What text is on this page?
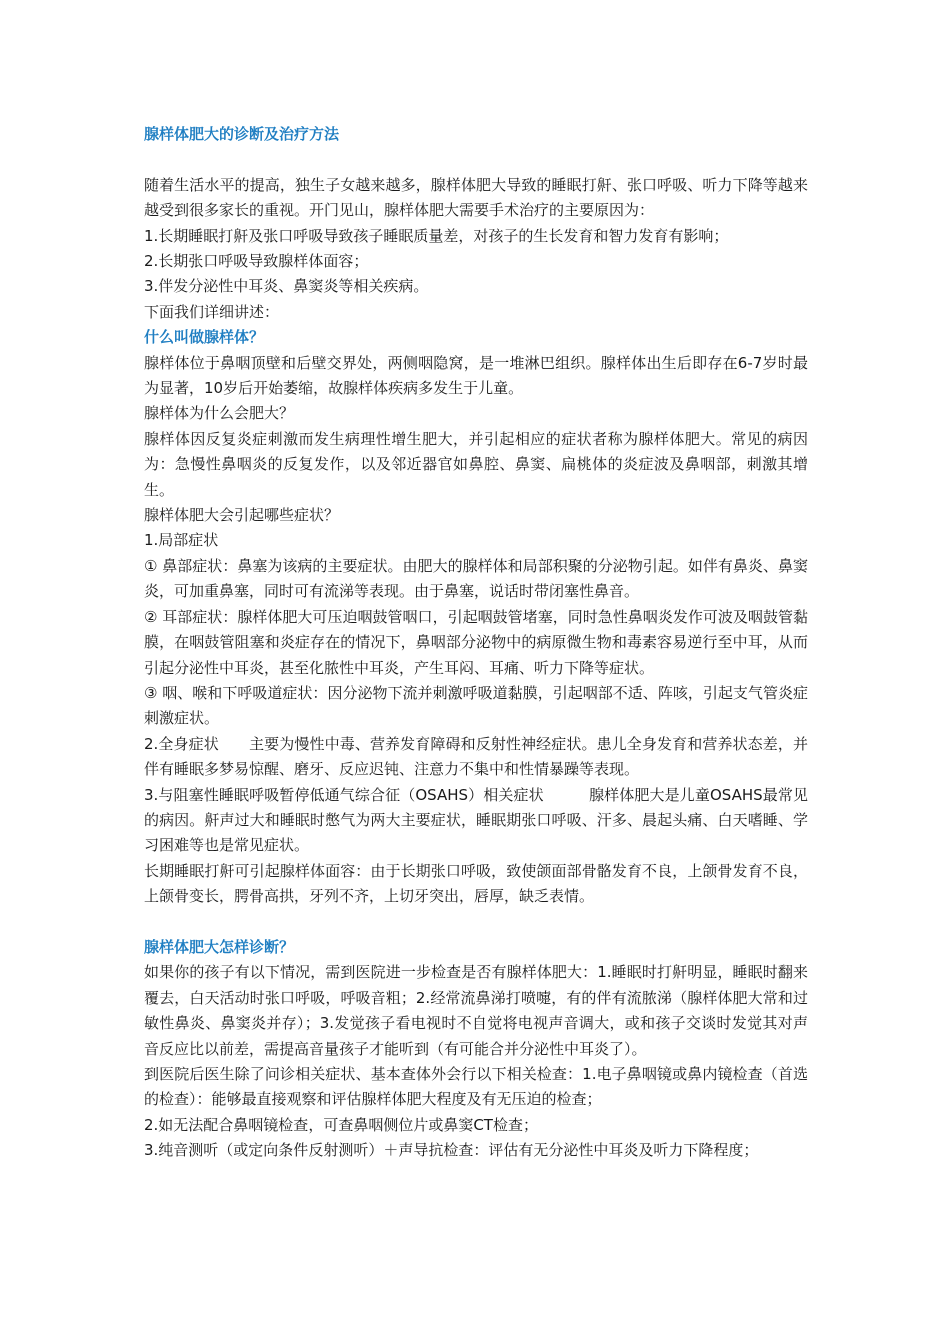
腺样体肥大的诊断及治疗方法

随着生活水平的提高，独生子女越来越多，腺样体肥大导致的睡眠打鼾、张口呼吸、听力下降等越来越受到很多家长的重视。开门见山，腺样体肥大需要手术治疗的主要原因为：

1.长期睡眠打鼾及张口呼吸导致孩子睡眠质量差，对孩子的生长发育和智力发育有影响；

2.长期张口呼吸导致腺样体面容；

3.伴发分泌性中耳炎、鼻窦炎等相关疾病。

下面我们详细讲述：

什么叫做腺样体？

腺样体位于鼻咽顶壁和后壁交界处，两侧咽隐窝，是一堆淋巴组织。腺样体出生后即存在6-7岁时最为显著，10岁后开始萎缩，故腺样体疾病多发生于儿童。

腺样体为什么会肥大？

腺样体因反复炎症刺激而发生病理性增生肥大，并引起相应的症状者称为腺样体肥大。常见的病因为：急慢性鼻咽炎的反复发作，以及邻近器官如鼻腔、鼻窦、扁桃体的炎症波及鼻咽部，刺激其增生。

腺样体肥大会引起哪些症状？

1.局部症状

① 鼻部症状：鼻塞为该病的主要症状。由肥大的腺样体和局部积聚的分泌物引起。如伴有鼻炎、鼻窦炎，可加重鼻塞，同时可有流涕等表现。由于鼻塞，说话时带闭塞性鼻音。

② 耳部症状：腺样体肥大可压迫咽鼓管咽口，引起咽鼓管堵塞，同时急性鼻咽炎发作可波及咽鼓管黏膜，在咽鼓管阻塞和炎症存在的情况下，鼻咽部分泌物中的病原微生物和毒素容易逆行至中耳，从而引起分泌性中耳炎，甚至化脓性中耳炎，产生耳闷、耳痛、听力下降等症状。

③ 咽、喉和下呼吸道症状：因分泌物下流并刺激呼吸道黏膜，引起咽部不适、阵咳，引起支气管炎症刺激症状。

2.全身症状　　主要为慢性中毒、营养发育障碍和反射性神经症状。患儿全身发育和营养状态差，并伴有睡眠多梦易惊醒、磨牙、反应迟钝、注意力不集中和性情暴躁等表现。

3.与阻塞性睡眠呼吸暂停低通气综合征（OSAHS）相关症状　　　腺样体肥大是儿童OSAHS最常见的病因。鼾声过大和睡眠时憋气为两大主要症状，睡眠期张口呼吸、汗多、晨起头痛、白天嗜睡、学习困难等也是常见症状。

长期睡眠打鼾可引起腺样体面容：由于长期张口呼吸，致使颌面部骨骼发育不良，上颌骨发育不良，上颌骨变长，腭骨高拱，牙列不齐，上切牙突出，唇厚，缺乏表情。

腺样体肥大怎样诊断？

如果你的孩子有以下情况，需到医院进一步检查是否有腺样体肥大：1.睡眠时打鼾明显，睡眠时翻来覆去，白天活动时张口呼吸，呼吸音粗；2.经常流鼻涕打喷嚏，有的伴有流脓涕（腺样体肥大常和过敏性鼻炎、鼻窦炎并存）；3.发觉孩子看电视时不自觉将电视声音调大，或和孩子交谈时发觉其对声音反应比以前差，需提高音量孩子才能听到（有可能合并分泌性中耳炎了）。

到医院后医生除了问诊相关症状、基本查体外会行以下相关检查：1.电子鼻咽镜或鼻内镜检查（首选的检查）：能够最直接观察和评估腺样体肥大程度及有无压迫的检查；

2.如无法配合鼻咽镜检查，可查鼻咽侧位片或鼻窦CT检查；

3.纯音测听（或定向条件反射测听）＋声导抗检查：评估有无分泌性中耳炎及听力下降程度；
